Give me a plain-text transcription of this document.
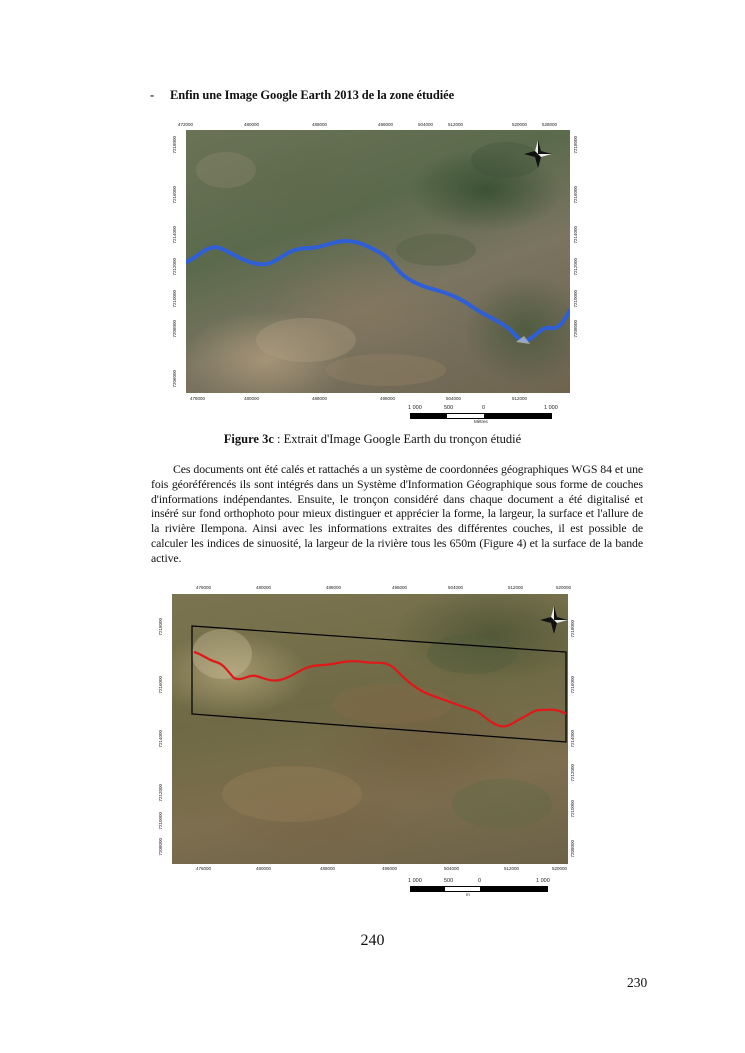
- Enfin une Image Google Earth 2013 de la zone étudiée
472000	480000	488000	496000	504000	512000	520000	528000
478000	480000	488000	496000	504000	512000
7218000
7216000
7214000
7212000
7210000
7208000
7206000
7218000
7216000
7214000
7212000
7210000
7208000
1 000	500	0	1 000
Mètres
Figure 3c : Extrait d'Image Google Earth du tronçon étudié
Ces documents ont été calés et rattachés a un système de coordonnées géographiques WGS 84 et une fois géoréférencés ils sont intégrés dans un Système d'Information Géographique sous forme de couches d'informations indépendantes. Ensuite, le tronçon considéré dans chaque document a été digitalisé et inséré sur fond orthophoto pour mieux distinguer et apprécier la forme, la largeur, la surface et l'allure de la rivière Ilempona. Ainsi avec les informations extraites des différentes couches, il est possible de calculer les indices de sinuosité, la largeur de la rivière tous les 650m (Figure 4) et la surface de la bande active.
476000	480000	488000	496000	504000	512000	520000
476000	480000	488000	496000	504000	512000	520000
7218000
7216000
7214000
7212000
7210000
7208000
7218000
7216000
7214000
7212000
7210000
7208000
1 000	500	0	1 000
m
240
230
